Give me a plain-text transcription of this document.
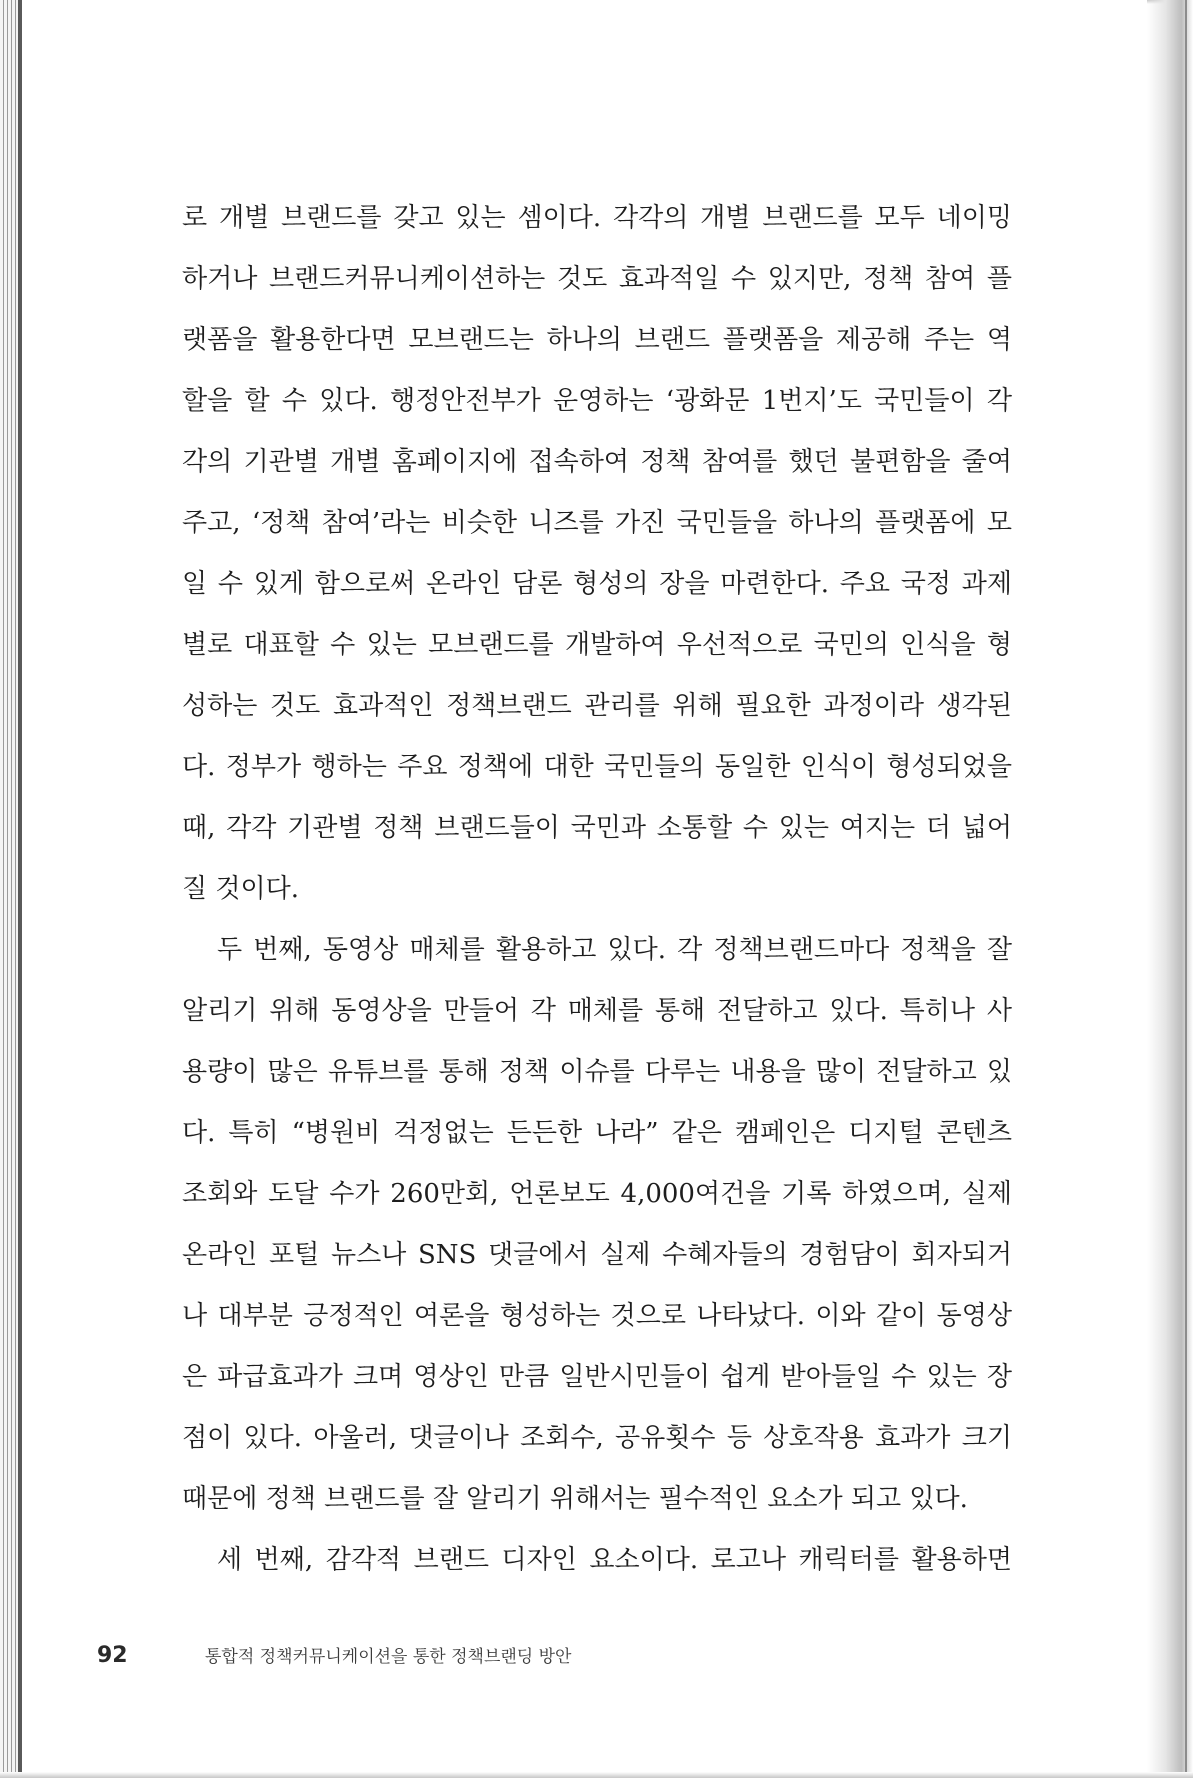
로 개별 브랜드를 갖고 있는 셈이다. 각각의 개별 브랜드를 모두 네이밍
하거나 브랜드커뮤니케이션하는 것도 효과적일 수 있지만, 정책 참여 플
랫폼을 활용한다면 모브랜드는 하나의 브랜드 플랫폼을 제공해 주는 역
할을 할 수 있다. 행정안전부가 운영하는 ‘광화문 1번지’도 국민들이 각
각의 기관별 개별 홈페이지에 접속하여 정책 참여를 했던 불편함을 줄여
주고, ‘정책 참여’라는 비슷한 니즈를 가진 국민들을 하나의 플랫폼에 모
일 수 있게 함으로써 온라인 담론 형성의 장을 마련한다. 주요 국정 과제
별로 대표할 수 있는 모브랜드를 개발하여 우선적으로 국민의 인식을 형
성하는 것도 효과적인 정책브랜드 관리를 위해 필요한 과정이라 생각된
다. 정부가 행하는 주요 정책에 대한 국민들의 동일한 인식이 형성되었을
때, 각각 기관별 정책 브랜드들이 국민과 소통할 수 있는 여지는 더 넓어
질 것이다.

두 번째, 동영상 매체를 활용하고 있다. 각 정책브랜드마다 정책을 잘
알리기 위해 동영상을 만들어 각 매체를 통해 전달하고 있다. 특히나 사
용량이 많은 유튜브를 통해 정책 이슈를 다루는 내용을 많이 전달하고 있
다. 특히 “병원비 걱정없는 든든한 나라” 같은 캠페인은 디지털 콘텐츠
조회와 도달 수가 260만회, 언론보도 4,000여건을 기록 하였으며, 실제
온라인 포털 뉴스나 SNS 댓글에서 실제 수혜자들의 경험담이 회자되거
나 대부분 긍정적인 여론을 형성하는 것으로 나타났다. 이와 같이 동영상
은 파급효과가 크며 영상인 만큼 일반시민들이 쉽게 받아들일 수 있는 장
점이 있다. 아울러, 댓글이나 조회수, 공유횟수 등 상호작용 효과가 크기
때문에 정책 브랜드를 잘 알리기 위해서는 필수적인 요소가 되고 있다.

세 번째, 감각적 브랜드 디자인 요소이다. 로고나 캐릭터를 활용하면

92	통합적 정책커뮤니케이션을 통한 정책브랜딩 방안
